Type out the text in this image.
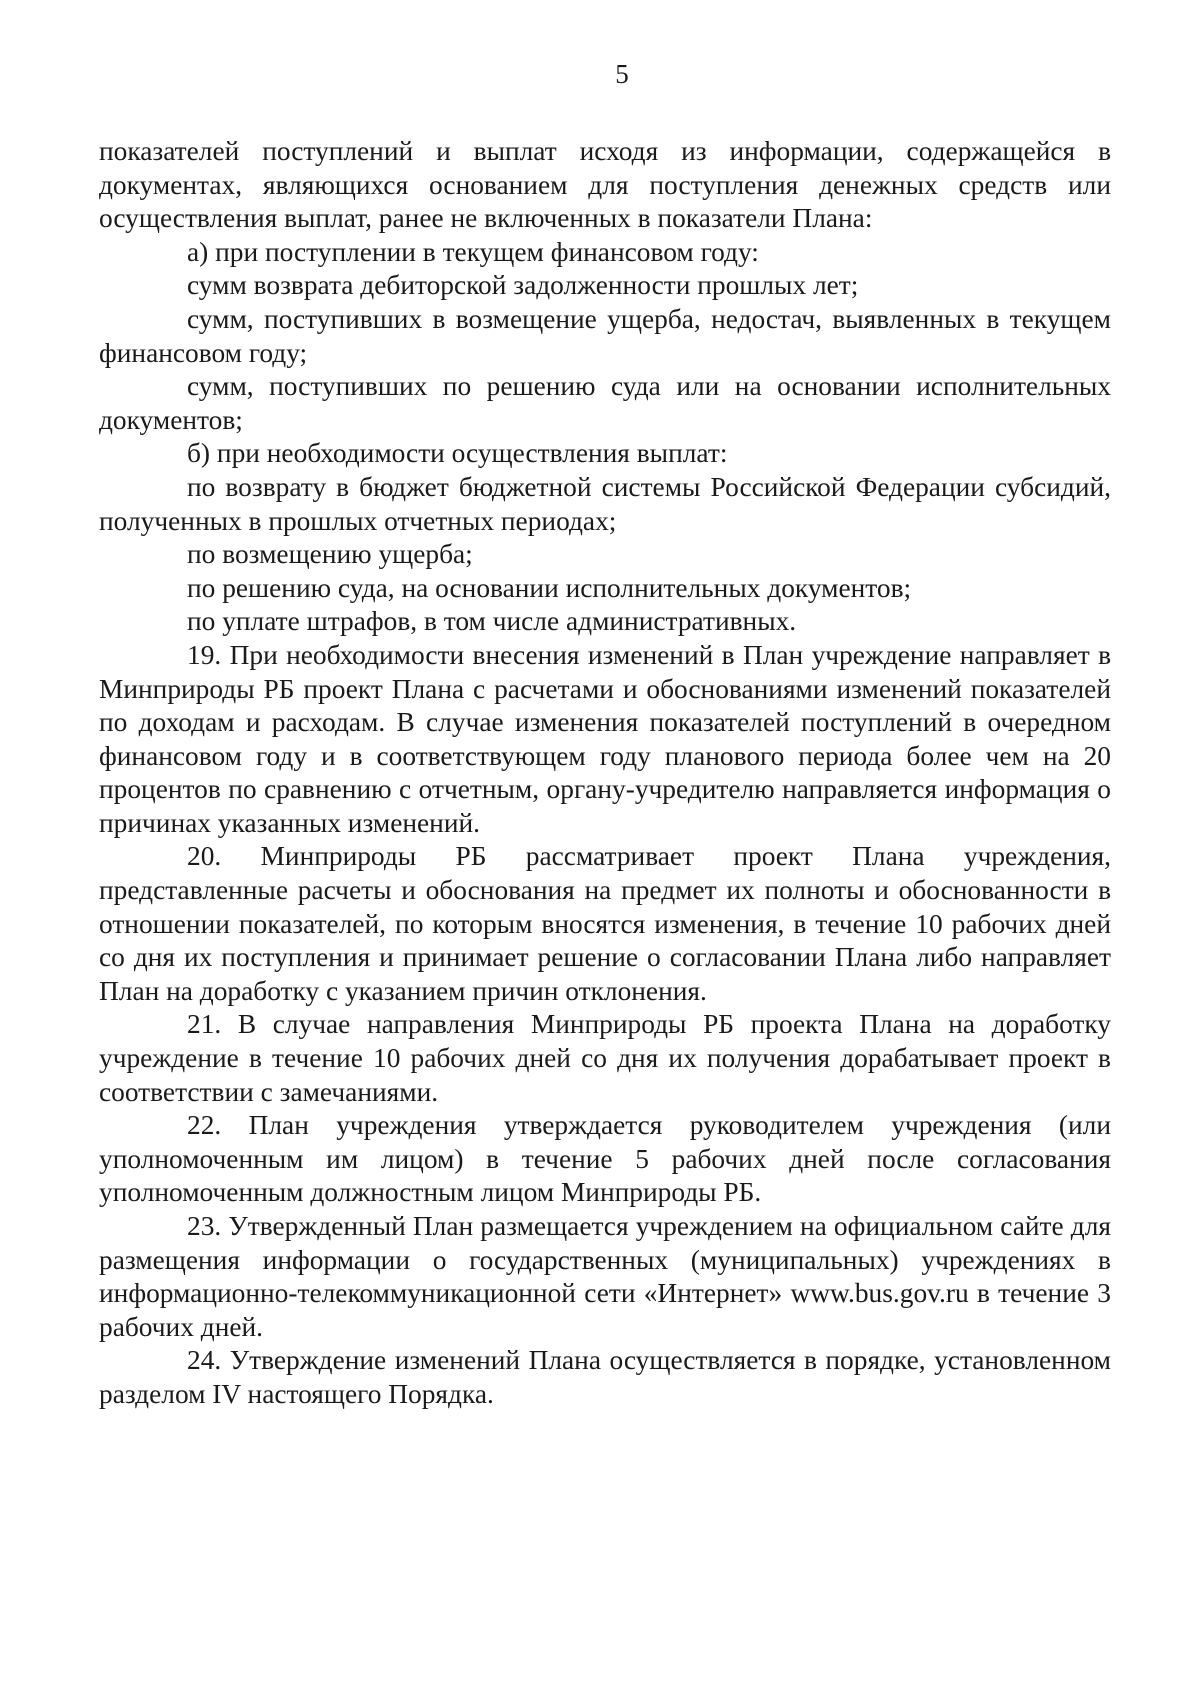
5

показателей поступлений и выплат исходя из информации, содержащейся в документах, являющихся основанием для поступления денежных средств или осуществления выплат, ранее не включенных в показатели Плана:

а) при поступлении в текущем финансовом году:

сумм возврата дебиторской задолженности прошлых лет;

сумм, поступивших в возмещение ущерба, недостач, выявленных в текущем финансовом году;

сумм, поступивших по решению суда или на основании исполнительных документов;

б) при необходимости осуществления выплат:

по возврату в бюджет бюджетной системы Российской Федерации субсидий, полученных в прошлых отчетных периодах;

по возмещению ущерба;

по решению суда, на основании исполнительных документов;

по уплате штрафов, в том числе административных.

19. При необходимости внесения изменений в План учреждение направляет в Минприроды РБ проект Плана с расчетами и обоснованиями изменений показателей по доходам и расходам. В случае изменения показателей поступлений в очередном финансовом году и в соответствующем году планового периода более чем на 20 процентов по сравнению с отчетным, органу-учредителю направляется информация о причинах указанных изменений.

20. Минприроды РБ рассматривает проект Плана учреждения, представленные расчеты и обоснования на предмет их полноты и обоснованности в отношении показателей, по которым вносятся изменения, в течение 10 рабочих дней со дня их поступления и принимает решение о согласовании Плана либо направляет План на доработку с указанием причин отклонения.

21. В случае направления Минприроды РБ проекта Плана на доработку учреждение в течение 10 рабочих дней со дня их получения дорабатывает проект в соответствии с замечаниями.

22. План учреждения утверждается руководителем учреждения (или уполномоченным им лицом) в течение 5 рабочих дней после согласования уполномоченным должностным лицом Минприроды РБ.

23. Утвержденный План размещается учреждением на официальном сайте для размещения информации о государственных (муниципальных) учреждениях в информационно-телекоммуникационной сети «Интернет» www.bus.gov.ru в течение 3 рабочих дней.

24. Утверждение изменений Плана осуществляется в порядке, установленном разделом IV настоящего Порядка.
